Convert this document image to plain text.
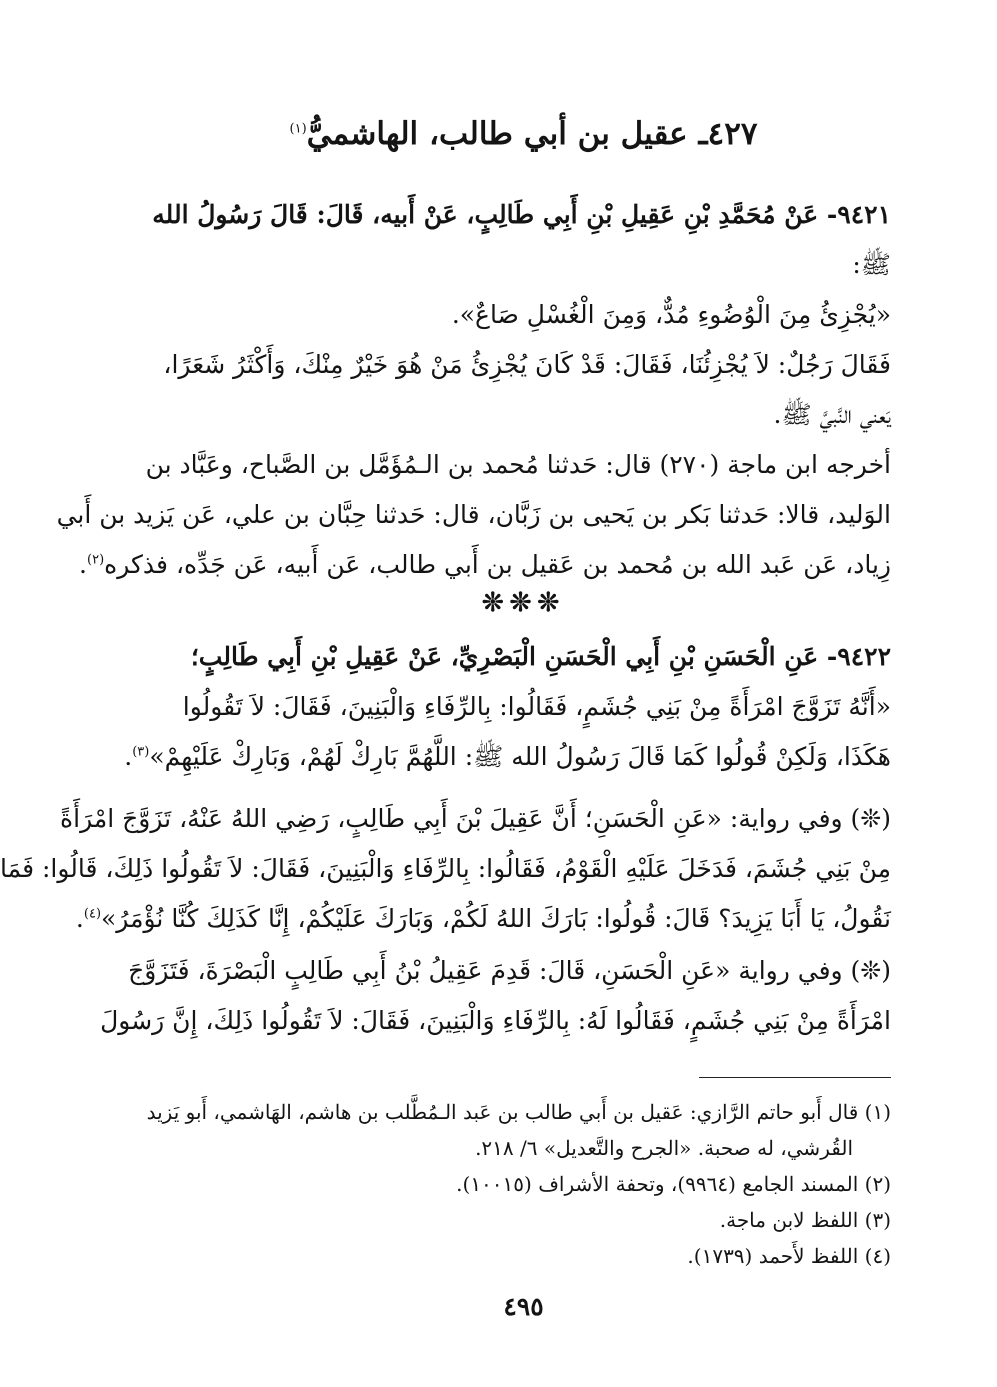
٤٢٧ـ عقيل بن أبي طالب، الهاشميُّ$^{(١)}$
٩٤٢١- عَنْ مُحَمَّدِ بْنِ عَقِيلِ بْنِ أَبِي طَالِبٍ، عَنْ أَبيه، قَالَ: قَالَ رَسُولُ الله
ﷺ:
«يُجْزِئُ مِنَ الْوُضُوءِ مُدٌّ، وَمِنَ الْغُسْلِ صَاعٌ».
فَقَالَ رَجُلٌ: لاَ يُجْزِئُنَا، فَقَالَ: قَدْ كَانَ يُجْزِئُ مَنْ هُوَ خَيْرٌ مِنْكَ، وَأَكْثَرُ شَعَرًا،
يَعني النَّبيَّ ﷺ.
أخرجه ابن ماجة (٢٧٠) قال: حَدثنا مُحمد بن الـمُؤَمَّل بن الصَّباح، وعَبَّاد بن
الوَليد، قالا: حَدثنا بَكر بن يَحيى بن زَبَّان، قال: حَدثنا حِبَّان بن علي، عَن يَزيد بن أَبي
زِياد، عَن عَبد الله بن مُحمد بن عَقيل بن أَبي طالب، عَن أَبيه، عَن جَدِّه، فذكره$^{(٢)}$.
❊❊❊
٩٤٢٢- عَنِ الْحَسَنِ بْنِ أَبِي الْحَسَنِ الْبَصْرِيِّ، عَنْ عَقِيلِ بْنِ أَبِي طَالِبٍ؛
«أَنَّهُ تَزَوَّجَ امْرَأَةً مِنْ بَنِي جُشَمٍ، فَقَالُوا: بِالرِّفَاءِ وَالْبَنِينَ، فَقَالَ: لاَ تَقُولُوا
هَكَذَا، وَلَكِنْ قُولُوا كَمَا قَالَ رَسُولُ الله ﷺ: اللَّهُمَّ بَارِكْ لَهُمْ، وَبَارِكْ عَلَيْهِمْ»$^{(٣)}$.
(❊) وفي رواية: «عَنِ الْحَسَنِ؛ أَنَّ عَقِيلَ بْنَ أَبِي طَالِبٍ، رَضِي اللهُ عَنْهُ، تَزَوَّجَ امْرَأَةً
مِنْ بَنِي جُشَمَ، فَدَخَلَ عَلَيْهِ الْقَوْمُ، فَقَالُوا: بِالرِّفَاءِ وَالْبَنِينَ، فَقَالَ: لاَ تَقُولُوا ذَلِكَ، قَالُوا: فَمَا
نَقُولُ، يَا أَبَا يَزِيدَ؟ قَالَ: قُولُوا: بَارَكَ اللهُ لَكُمْ، وَبَارَكَ عَلَيْكُمْ، إِنَّا كَذَلِكَ كُنَّا نُؤْمَرُ»$^{(٤)}$.
(❊) وفي رواية «عَنِ الْحَسَنِ، قَالَ: قَدِمَ عَقِيلُ بْنُ أَبِي طَالِبٍ الْبَصْرَةَ، فَتَزَوَّجَ
امْرَأَةً مِنْ بَنِي جُشَمٍ، فَقَالُوا لَهُ: بِالرِّفَاءِ وَالْبَنِينَ، فَقَالَ: لاَ تَقُولُوا ذَلِكَ، إِنَّ رَسُولَ
(١) قال أَبو حاتم الرَّازي: عَقيل بن أَبي طالب بن عَبد الـمُطَّلب بن هاشم، الهَاشمي، أَبو يَزيد
القُرشي، له صحبة. «الجرح والتَّعديل» ٦/ ٢١٨.
(٢) المسند الجامع (٩٩٦٤)، وتحفة الأشراف (١٠٠١٥).
(٣) اللفظ لابن ماجة.
(٤) اللفظ لأَحمد (١٧٣٩).
٤٩٥
